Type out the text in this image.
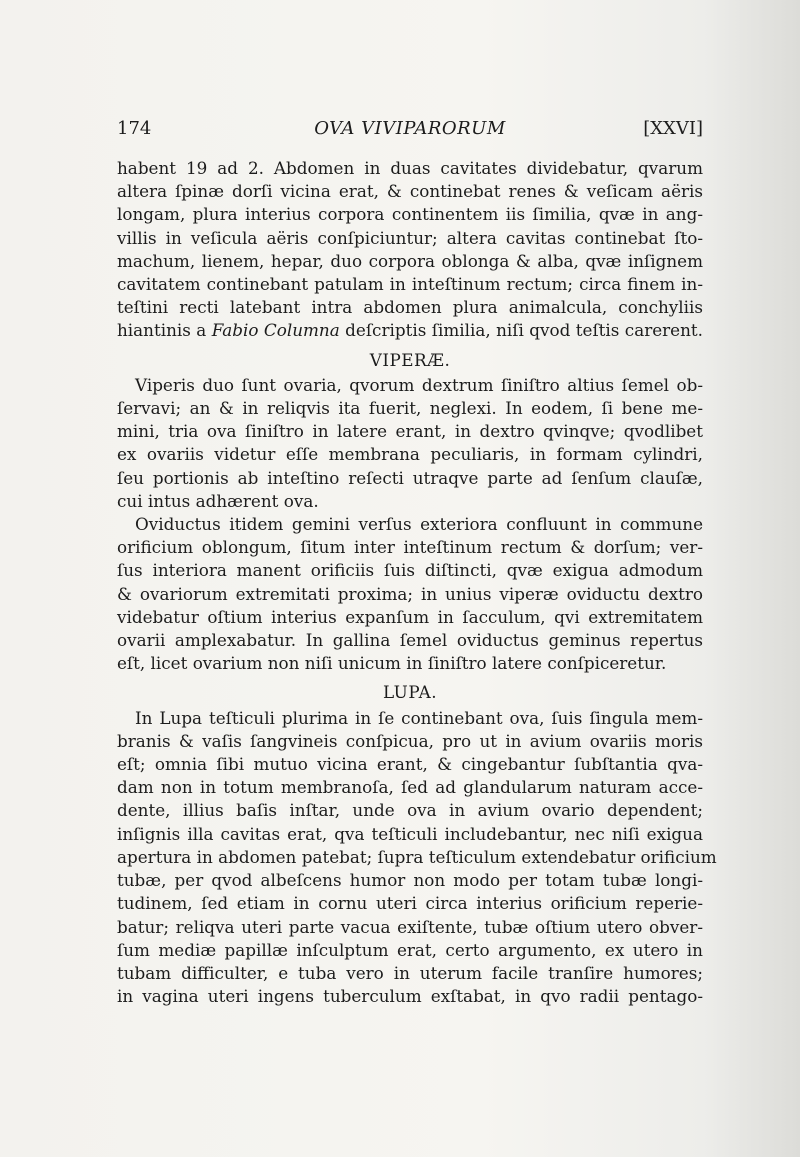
174	OVA VIVIPARORUM	[XXVI]
habent 19 ad 2. Abdomen in duas cavitates dividebatur, qvarum
altera ſpinæ dorſi vicina erat, & continebat renes & veſicam aëris
longam, plura interius corpora continentem iis ſimilia, qvæ in ang-
villis in veſicula aëris conſpiciuntur; altera cavitas continebat ſto-
machum, lienem, hepar, duo corpora oblonga & alba, qvæ inſignem
cavitatem continebant patulam in inteſtinum rectum; circa finem in-
teſtini recti latebant intra abdomen plura animalcula, conchyliis
hiantinis a Fabio Columna deſcriptis ſimilia, niſi qvod teſtis carerent.
VIPERÆ.
Viperis duo ſunt ovaria, qvorum dextrum ſiniſtro altius ſemel ob-
ſervavi; an & in reliqvis ita fuerit, neglexi. In eodem, ſi bene me-
mini, tria ova ſiniſtro in latere erant, in dextro qvinqve; qvodlibet
ex ovariis videtur eſſe membrana peculiaris, in formam cylindri,
ſeu portionis ab inteſtino reſecti utraqve parte ad ſenſum clauſæ,
cui intus adhærent ova.
Oviductus itidem gemini verſus exteriora confluunt in commune
orificium oblongum, ſitum inter inteſtinum rectum & dorſum; ver-
ſus interiora manent orificiis ſuis diſtincti, qvæ exigua admodum
& ovariorum extremitati proxima; in unius viperæ oviductu dextro
videbatur oſtium interius expanſum in ſacculum, qvi extremitatem
ovarii amplexabatur. In gallina ſemel oviductus geminus repertus
eſt, licet ovarium non niſi unicum in ſiniſtro latere conſpiceretur.
LUPA.
In Lupa teſticuli plurima in ſe continebant ova, ſuis ſingula mem-
branis & vaſis ſangvineis conſpicua, pro ut in avium ovariis moris
eſt; omnia ſibi mutuo vicina erant, & cingebantur ſubſtantia qva-
dam non in totum membranoſa, ſed ad glandularum naturam acce-
dente, illius baſis inſtar, unde ova in avium ovario dependent;
inſignis illa cavitas erat, qva teſticuli includebantur, nec niſi exigua
apertura in abdomen patebat; ſupra teſticulum extendebatur orificium
tubæ, per qvod albeſcens humor non modo per totam tubæ longi-
tudinem, ſed etiam in cornu uteri circa interius orificium reperie-
batur; reliqva uteri parte vacua exiſtente, tubæ oſtium utero obver-
ſum mediæ papillæ inſculptum erat, certo argumento, ex utero in
tubam difficulter, e tuba vero in uterum facile tranſire humores;
in vagina uteri ingens tuberculum exſtabat, in qvo radii pentago-
